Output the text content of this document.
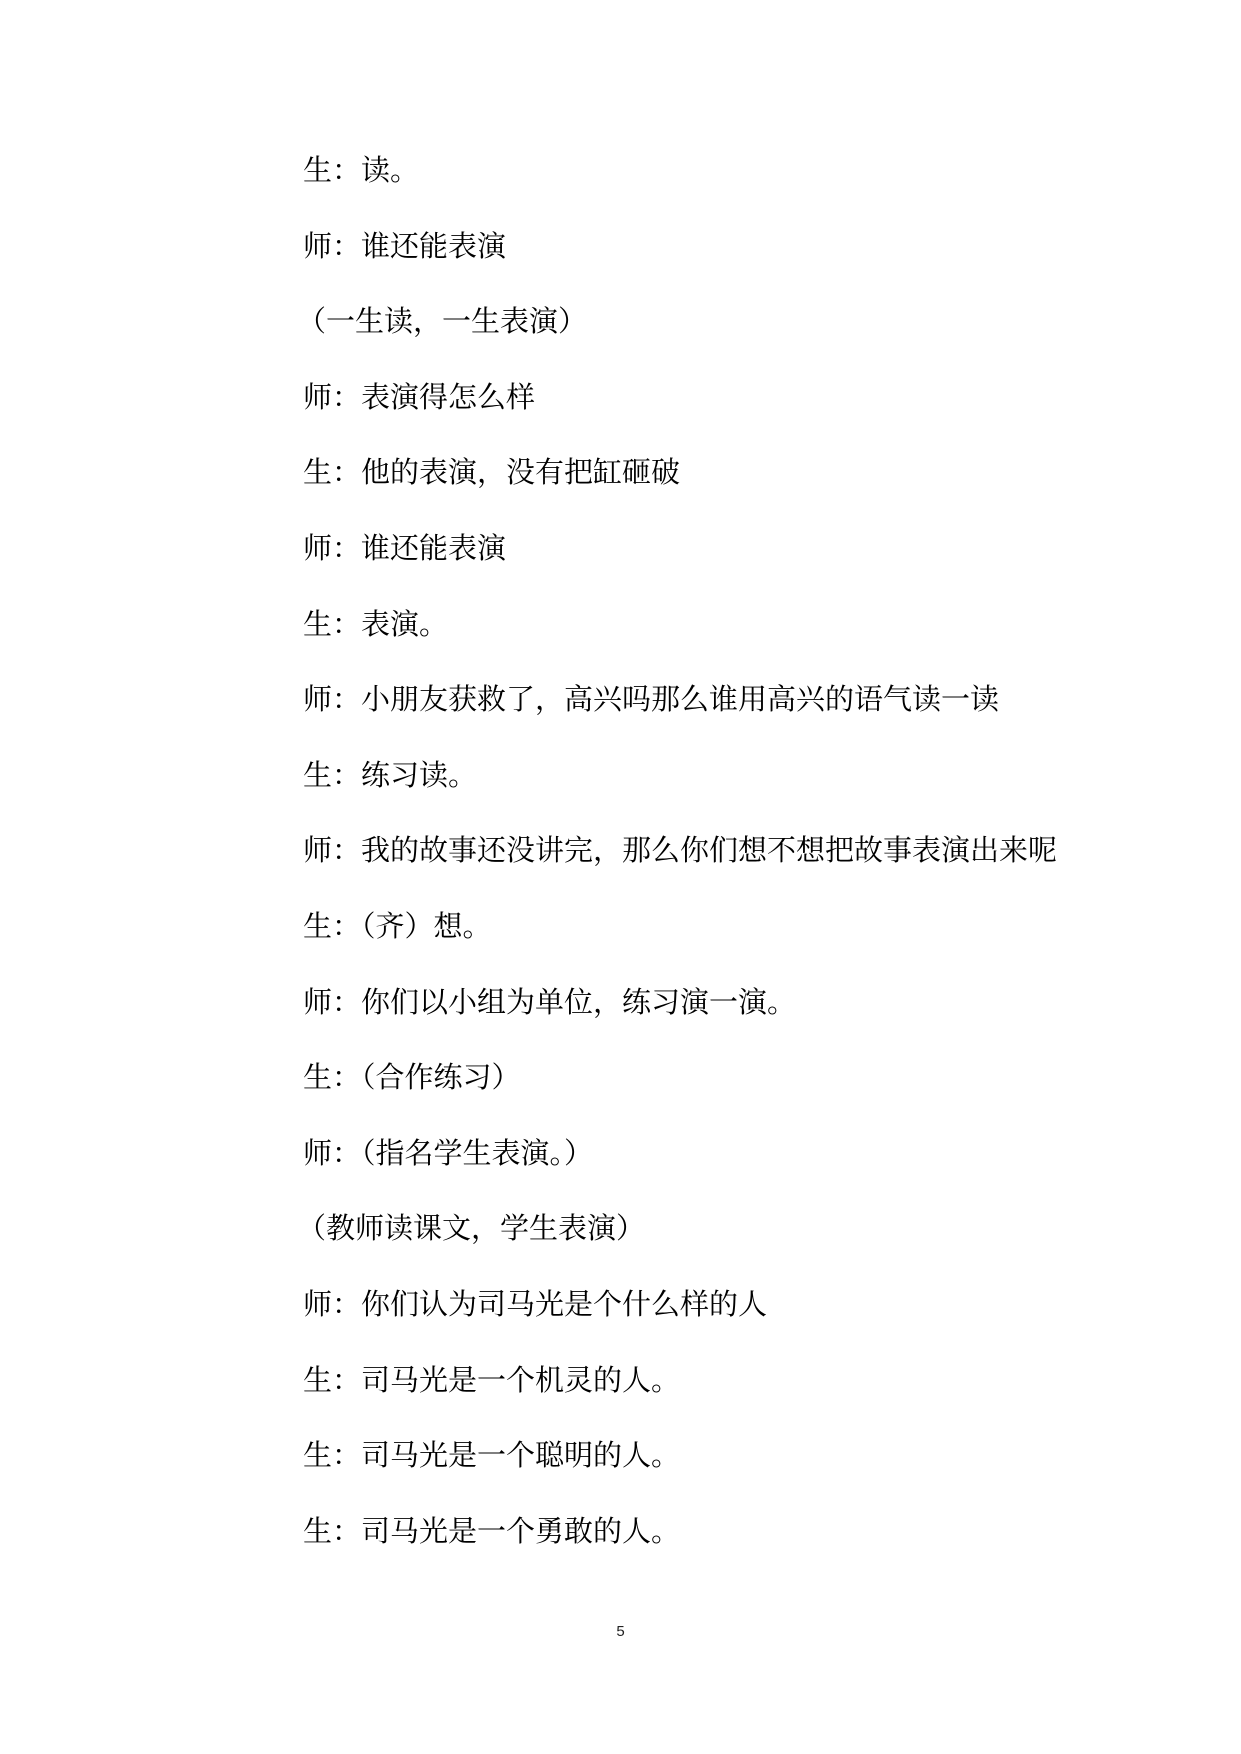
生：读。
师：谁还能表演
（一生读，一生表演）
师：表演得怎么样
生：他的表演，没有把缸砸破
师：谁还能表演
生：表演。
师：小朋友获救了，高兴吗那么谁用高兴的语气读一读
生：练习读。
师：我的故事还没讲完，那么你们想不想把故事表演出来呢
生：（齐）想。
师：你们以小组为单位，练习演一演。
生：（合作练习）
师：（指名学生表演。）
（教师读课文，学生表演）
师：你们认为司马光是个什么样的人
生：司马光是一个机灵的人。
生：司马光是一个聪明的人。
生：司马光是一个勇敢的人。
5
